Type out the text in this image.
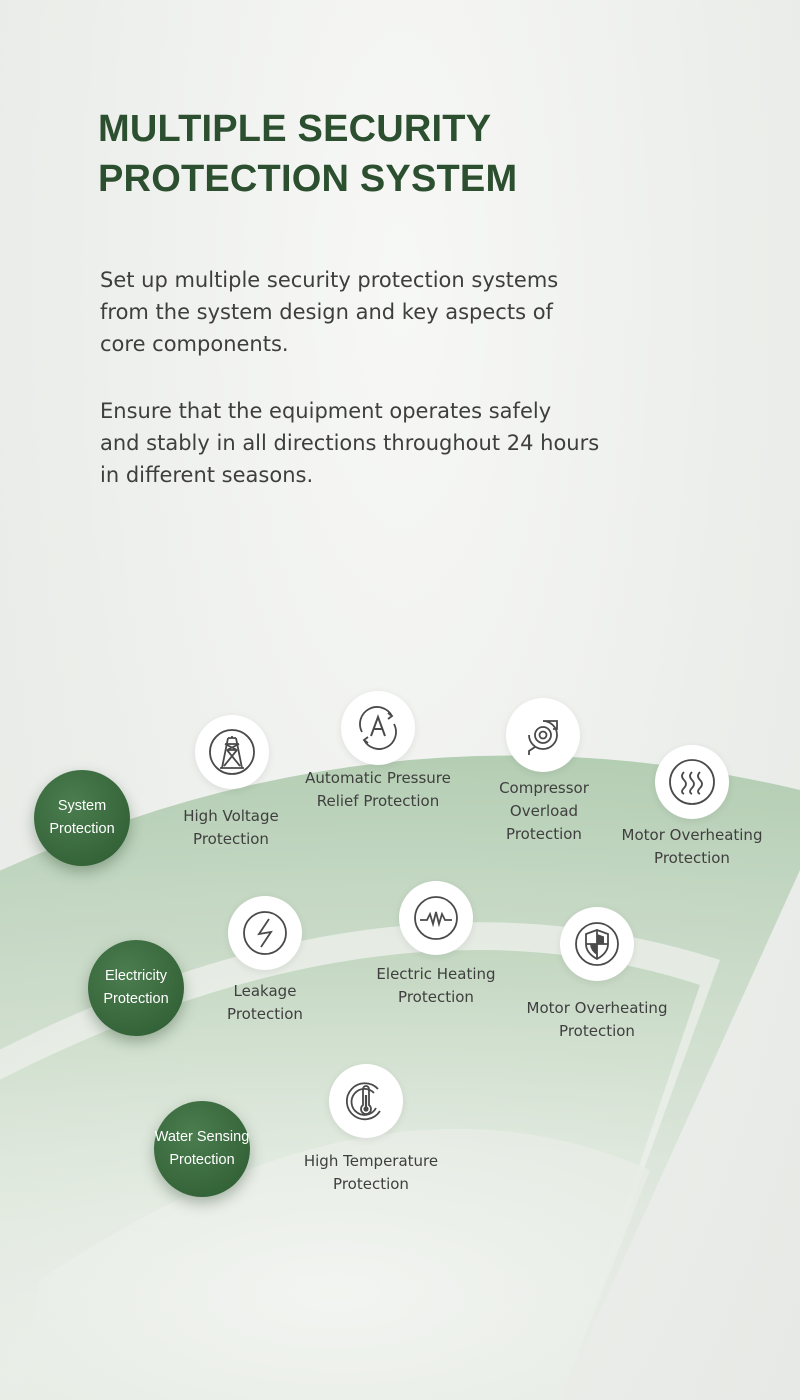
MULTIPLE SECURITY
PROTECTION SYSTEM

Set up multiple security protection systems
from the system design and key aspects of
core components.

Ensure that the equipment operates safely
and stably in all directions throughout 24 hours
in different seasons.

System
Protection
High Voltage
Protection
Automatic Pressure
Relief Protection
Compressor
Overload
Protection	Motor Overheating
Protection
Electricity
Protection	Leakage
Protection
Electric Heating
Protection
Motor Overheating
Protection
Water Sensing
Protection	High Temperature
Protection
